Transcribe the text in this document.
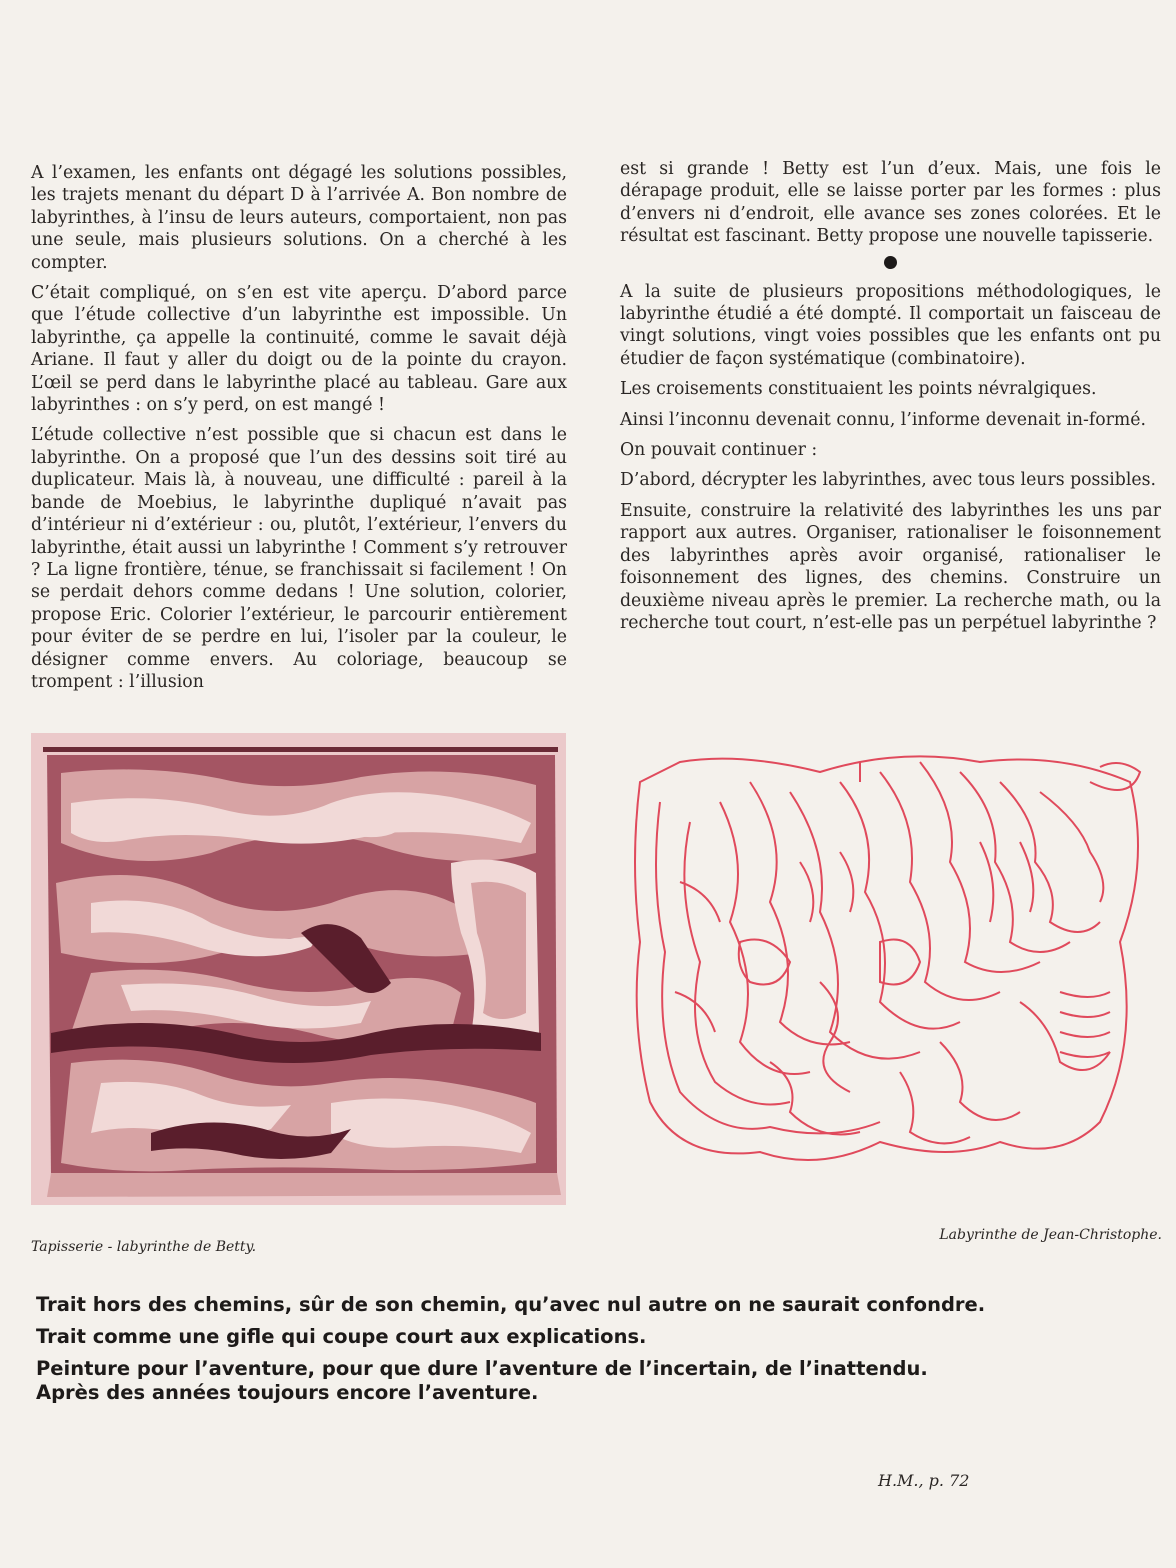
A l’examen, les enfants ont dégagé les solutions possibles, les trajets menant du départ D à l’arrivée A. Bon nombre de labyrinthes, à l’insu de leurs auteurs, comportaient, non pas une seule, mais plusieurs solutions. On a cherché à les compter.

C’était compliqué, on s’en est vite aperçu. D’abord parce que l’étude collective d’un labyrinthe est impossible. Un labyrinthe, ça appelle la continuité, comme le savait déjà Ariane. Il faut y aller du doigt ou de la pointe du crayon. L’œil se perd dans le labyrinthe placé au tableau. Gare aux labyrinthes : on s’y perd, on est mangé !

L’étude collective n’est possible que si chacun est dans le labyrinthe. On a proposé que l’un des dessins soit tiré au duplicateur. Mais là, à nouveau, une difficulté : pareil à la bande de Moebius, le labyrinthe dupliqué n’avait pas d’intérieur ni d’extérieur : ou, plutôt, l’extérieur, l’envers du labyrinthe, était aussi un labyrinthe ! Comment s’y retrouver ? La ligne frontière, ténue, se franchissait si facilement ! On se perdait dehors comme dedans ! Une solution, colorier, propose Eric. Colorier l’extérieur, le parcourir entièrement pour éviter de se perdre en lui, l’isoler par la couleur, le désigner comme envers. Au coloriage, beaucoup se trompent : l’illusion

est si grande ! Betty est l’un d’eux. Mais, une fois le dérapage produit, elle se laisse porter par les formes : plus d’envers ni d’endroit, elle avance ses zones colorées. Et le résultat est fascinant. Betty propose une nouvelle tapisserie.

A la suite de plusieurs propositions méthodologiques, le labyrinthe étudié a été dompté. Il comportait un faisceau de vingt solutions, vingt voies possibles que les enfants ont pu étudier de façon systématique (combinatoire).

Les croisements constituaient les points névralgiques.

Ainsi l’inconnu devenait connu, l’informe devenait in-formé.

On pouvait continuer :

D’abord, décrypter les labyrinthes, avec tous leurs possibles.

Ensuite, construire la relativité des labyrinthes les uns par rapport aux autres. Organiser, rationaliser le foisonnement des labyrinthes après avoir organisé, rationaliser le foisonnement des lignes, des chemins. Construire un deuxième niveau après le premier. La recherche math, ou la recherche tout court, n’est-elle pas un perpétuel labyrinthe ?

Tapisserie - labyrinthe de Betty.
Labyrinthe de Jean-Christophe.

Trait hors des chemins, sûr de son chemin, qu’avec nul autre on ne saurait confondre.

Trait comme une gifle qui coupe court aux explications.

Peinture pour l’aventure, pour que dure l’aventure de l’incertain, de l’inattendu. Après des années toujours encore l’aventure.

H.M., p. 72
